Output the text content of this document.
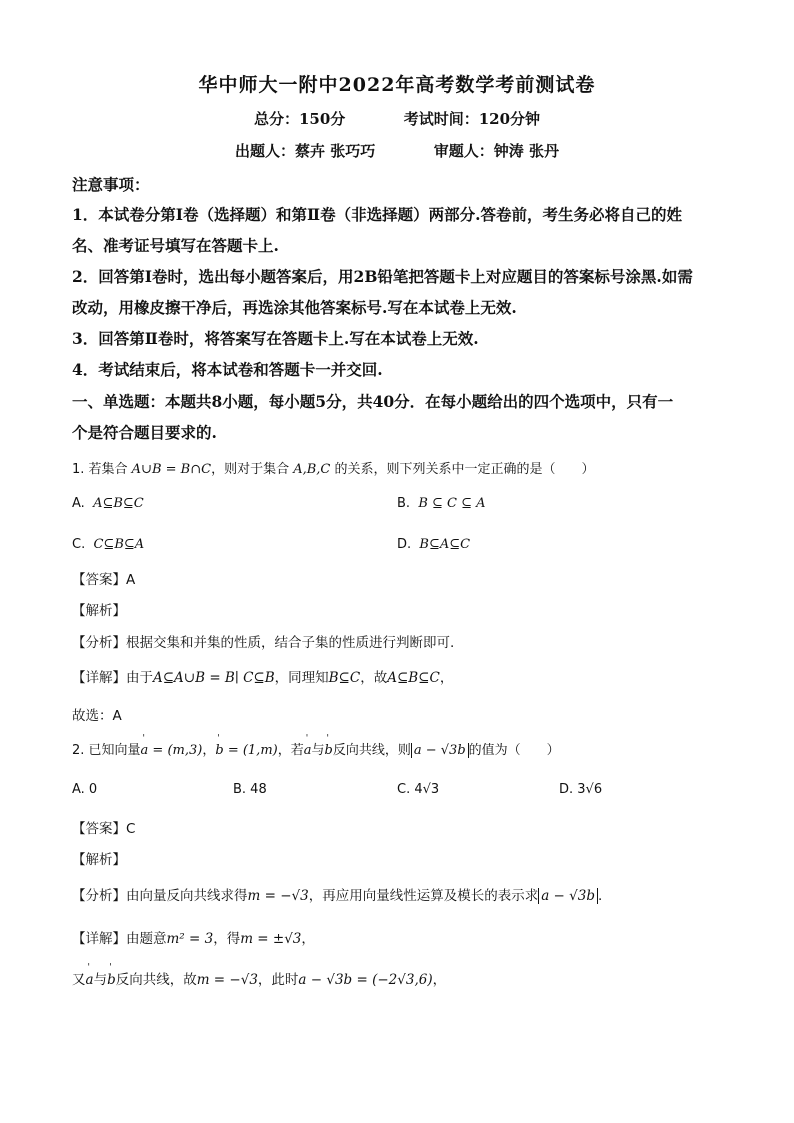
华中师大一附中2022年高考数学考前测试卷
总分：150分	考试时间：120分钟
出题人：蔡卉 张巧巧	审题人：钟涛 张丹
注意事项：
1．本试卷分第Ⅰ卷（选择题）和第Ⅱ卷（非选择题）两部分.答卷前，考生务必将自己的姓
名、准考证号填写在答题卡上.
2．回答第Ⅰ卷时，选出每小题答案后，用2B铅笔把答题卡上对应题目的答案标号涂黑.如需
改动，用橡皮擦干净后，再选涂其他答案标号.写在本试卷上无效.
3．回答第Ⅱ卷时，将答案写在答题卡上.写在本试卷上无效.
4．考试结束后，将本试卷和答题卡一并交回.
一、单选题：本题共8小题，每小题5分，共40分．在每小题给出的四个选项中，只有一
个是符合题目要求的.
1. 若集合 A∪B = B∩C，则对于集合 A,B,C 的关系，则下列关系中一定正确的是（　　）
A. A⊆B⊆C	B. B ⊆ C ⊆ A
C. C⊆B⊆A	D. B⊆A⊆C
【答案】A
【解析】
【分析】根据交集和并集的性质，结合子集的性质进行判断即可.
【详解】由于A⊆A∪B = B∣ C⊆B，同理知B⊆C，故A⊆B⊆C，
故选：A
2. 已知向量' a = (m,3)，' b = (1,m)，若' a与' b反向共线，则 a − √3b 的值为（　　）
A. 0	B. 48	C. 4√3	D. 3√6
【答案】C
【解析】
【分析】由向量反向共线求得m = −√3，再应用向量线性运算及模长的表示求 a − √3b .
【详解】由题意m² = 3，得m = ±√3，
又' a与' b反向共线，故m = −√3，此时a − √3b = (−2√3,6)，
